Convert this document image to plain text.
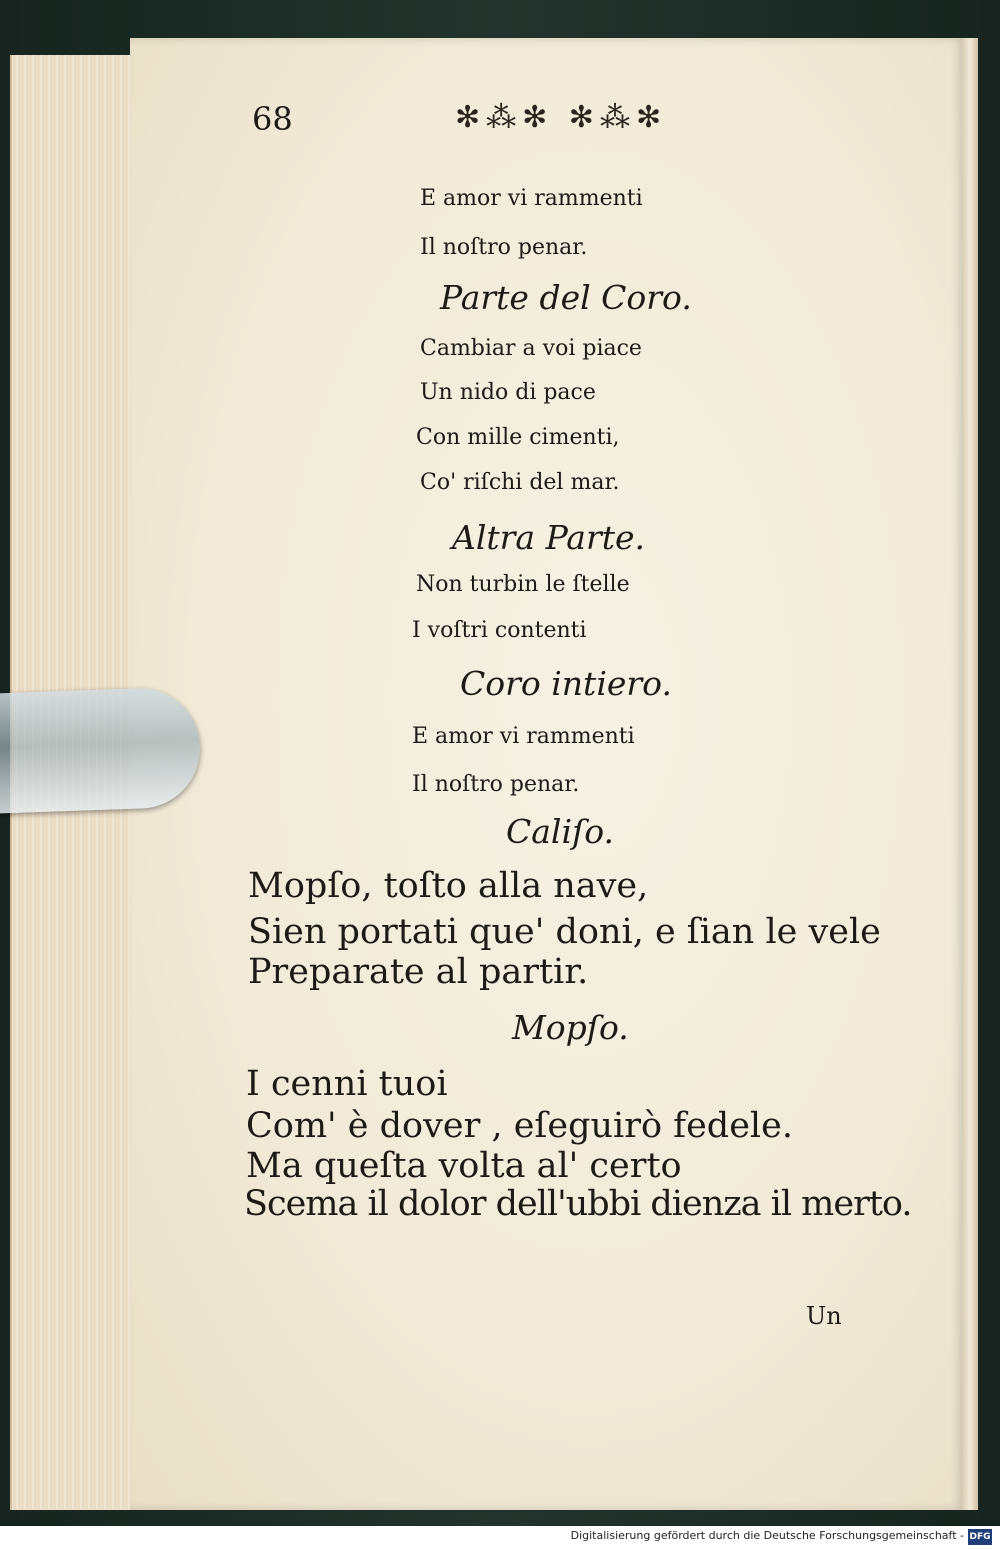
68	✻⁂✻ ✻⁂✻
E amor vi rammenti
Il noſtro penar.
Parte del Coro.
Cambiar a voi piace
Un nido di pace
Con mille cimenti,
Co' riſchi del mar.
Altra Parte.
Non turbin le ſtelle
I voſtri contenti
Coro intiero.
E amor vi rammenti
Il noſtro penar.
Caliſo.
Mopſo, toſto alla nave,
Sien portati que' doni, e ſian le vele
Preparate al partir.
Mopſo.
I cenni tuoi
Com' è dover , eſeguirò fedele.
Ma queſta volta al' certo
Scema il dolor dell'ubbi dienza il merto.
Un
Digitalisierung gefördert durch die Deutsche Forschungsgemeinschaft - DFG
